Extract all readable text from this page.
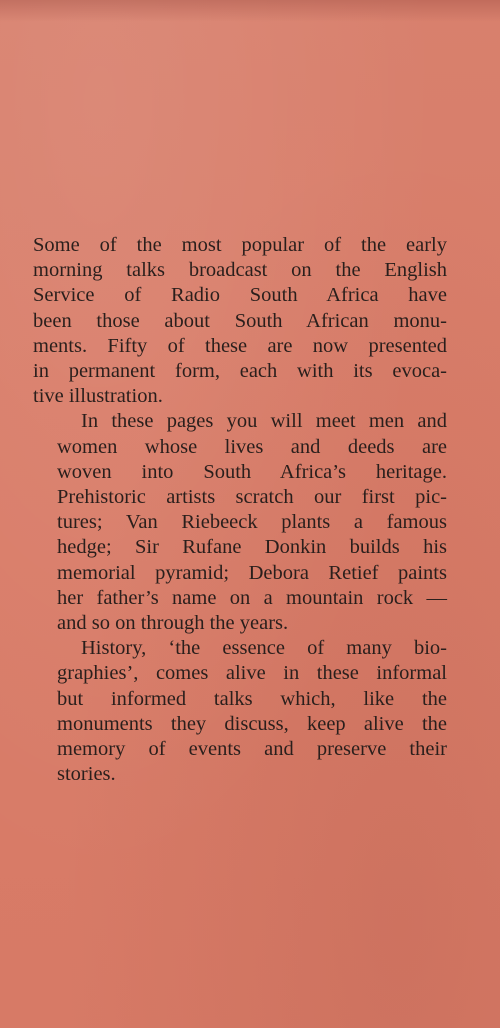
Some of the most popular of the early
morning talks broadcast on the English
Service of Radio South Africa have
been those about South African monu-
ments. Fifty of these are now presented
in permanent form, each with its evoca-
tive illustration.

In these pages you will meet men and
women whose lives and deeds are
woven into South Africa’s heritage.
Prehistoric artists scratch our first pic-
tures; Van Riebeeck plants a famous
hedge; Sir Rufane Donkin builds his
memorial pyramid; Debora Retief paints
her father’s name on a mountain rock —
and so on through the years.

History, ‘the essence of many bio-
graphies’, comes alive in these informal
but informed talks which, like the
monuments they discuss, keep alive the
memory of events and preserve their
stories.
